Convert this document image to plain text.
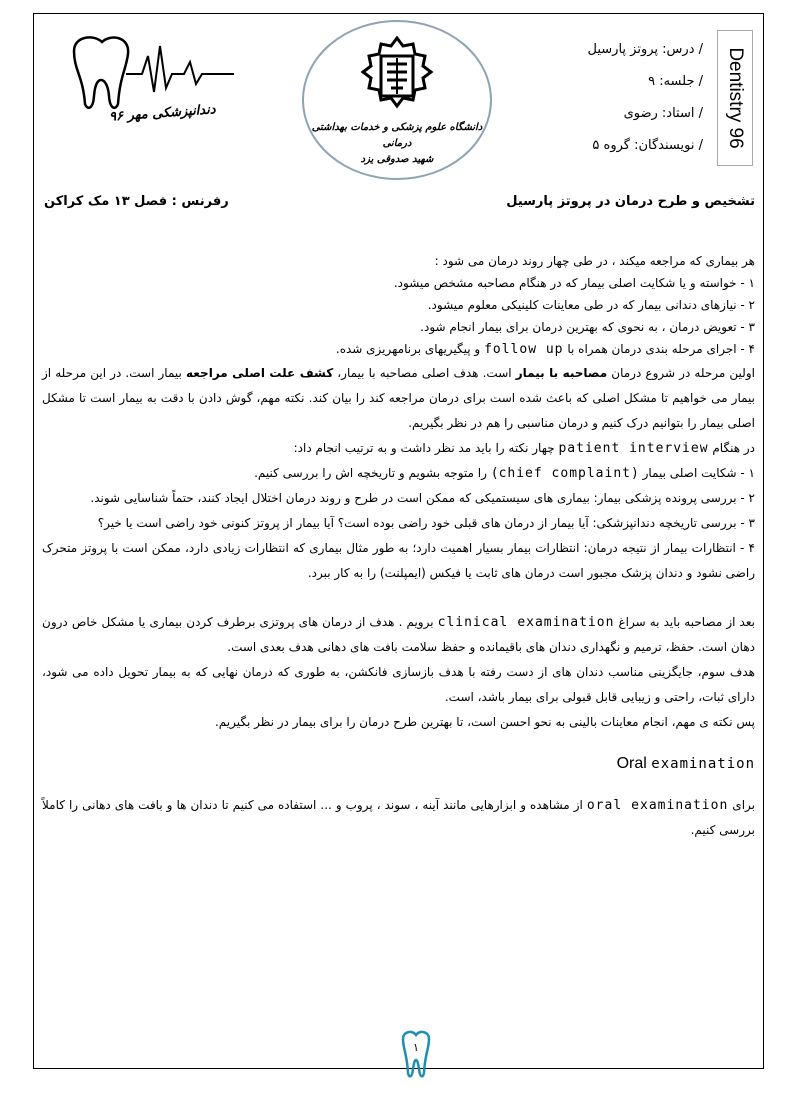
Dentistry 96
/ درس: پروتز پارسیل
/ جلسه: ۹
/ استاد: رضوی
/ نویسندگان: گروه ۵
دانشگاه علوم پزشکی و خدمات بهداشتی درمانی
شهید صدوقی یزد
دندانپزشکی مهر ۹۶
تشخیص و طرح درمان در پروتز پارسیل
رفرنس : فصل ۱۳ مک کراکن

هر بیماری که مراجعه میکند ، در طی چهار روند درمان می شود :

۱ - خواسته و یا شکایت اصلی بیمار که در هنگام مصاحبه مشخص میشود.

۲ - نیازهای دندانی بیمار که در طی معاینات کلینیکی معلوم میشود.

۳ - تعویض درمان ، به نحوی که بهترین درمان برای بیمار انجام شود.

۴ - اجرای مرحله بندی درمان همراه با follow up و پیگیریهای برنامهریزی شده.

اولین مرحله در شروع درمان مصاحبه با بیمار است. هدف اصلی مصاحبه با بیمار، کشف علت اصلی مراجعه بیمار است. در این مرحله از بیمار می خواهیم تا مشکل اصلی که باعث شده است برای درمان مراجعه کند را بیان کند. نکته مهم، گوش دادن با دقت به بیمار است تا مشکل اصلی بیمار را بتوانیم درک کنیم و درمان مناسبی را هم در نظر بگیریم.

در هنگام patient interview چهار نکته را باید مد نظر داشت و به ترتیب انجام داد:

۱ - شکایت اصلی بیمار (chief complaint) را متوجه بشویم و تاریخچه اش را بررسی کنیم.

۲ - بررسی پرونده پزشکی بیمار: بیماری های سیستمیکی که ممکن است در طرح و روند درمان اختلال ایجاد کنند، حتماً شناسایی شوند.

۳ - بررسی تاریخچه دندانپزشکی: آیا بیمار از درمان های قبلی خود راضی بوده است؟ آیا بیمار از پروتز کنونی خود راضی است یا خیر؟

۴ - انتظارات بیمار از نتیجه درمان: انتظارات بیمار بسیار اهمیت دارد؛ به طور مثال بیماری که انتظارات زیادی دارد، ممکن است با پروتز متحرک راضی نشود و دندان پزشک مجبور است درمان های ثابت یا فیکس (ایمپلنت) را به کار ببرد.

بعد از مصاحبه باید به سراغ clinical examination برویم . هدف از درمان های پروتزی برطرف کردن بیماری یا مشکل خاص درون دهان است. حفظ، ترمیم و نگهداری دندان های باقیمانده و حفظ سلامت بافت های دهانی هدف بعدی است.

هدف سوم، جایگزینی مناسب دندان های از دست رفته با هدف بازسازی فانکشن، به طوری که درمان نهایی که به بیمار تحویل داده می شود، دارای ثبات، راحتی و زیبایی قابل قبولی برای بیمار باشد، است.

پس نکته ی مهم، انجام معاینات بالینی به نحو احسن است، تا بهترین طرح درمان را برای بیمار در نظر بگیریم.

Oral examination

برای oral examination از مشاهده و ابزارهایی مانند آینه ، سوند ، پروب و ... استفاده می کنیم تا دندان ها و بافت های دهانی را کاملاً بررسی کنیم.

۱
